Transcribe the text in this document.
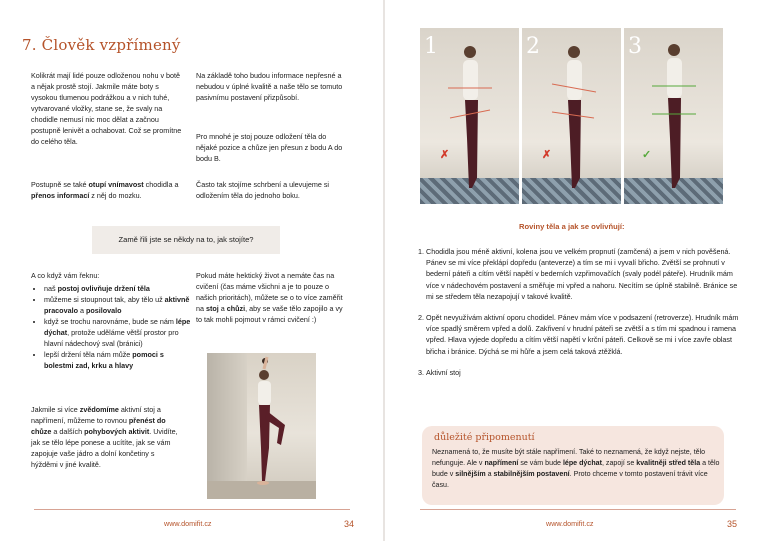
7. Člověk vzpřímený

Kolikrát mají lidé pouze odloženou nohu v botě a nějak prostě stojí. Jakmile máte boty s vysokou tlumenou podrážkou a v nich tuhé, vytvarované vložky, stane se, že svaly na chodidle nemusí nic moc dělat a začnou postupně lenivět a ochabovat. Což se promítne do celého těla.

Postupně se také otupí vnímavost chodidla a přenos informací z něj do mozku.

Na základě toho budou informace nepřesné a nebudou v úplné kvalitě a naše tělo se tomuto pasivnímu postavení přizpůsobí.

Pro mnohé je stoj pouze odložení těla do nějaké pozice a chůze jen přesun z bodu A do bodu B.

Často tak stojíme schrbení a ulevujeme si odložením těla do jednoho boku.

Zamě řili jste se někdy na to, jak stojíte?

A co když vám řeknu:

• naš postoj ovlivňuje držení těla
• můžeme si stoupnout tak, aby tělo už aktivně pracovalo a posilovalo
• když se trochu narovnáme, bude se nám lépe dýchat, protože uděláme větší prostor pro hlavní nádechový sval (bránici)
• lepší držení těla nám může pomoci s bolestmi zad, krku a hlavy

Pokud máte hektický život a nemáte čas na cvičení (čas máme všichni a je to pouze o našich prioritách), můžete se o to více zaměřit na stoj a chůzi, aby se vaše tělo zapojilo a vy to tak mohli pojmout v rámci cvičení :)

Jakmile si více zvědomíme aktivní stoj a napřímení, můžeme to rovnou přenést do chůze a dalších pohybových aktivit. Uvidíte, jak se tělo lépe ponese a ucítíte, jak se vám zapojuje vaše jádro a dolní končetiny s hýžděmi v jiné kvalitě.

www.domifit.cz	34
1
✗
2
✗
3
✓
Roviny těla a jak se ovlivňují:
1. Chodidla jsou méně aktivní, kolena jsou ve velkém propnutí (zamčená) a jsem v nich pověšená. Pánev se mi více překlápí dopředu (anteverze) a tím se mi i vyvalí břicho. Zvětší se prohnutí v bederní páteři a cítím větší napětí v bederních vzpřimovačích (svaly podél páteře). Hrudník mám více v nádechovém postavení a směřuje mi vpřed a nahoru. Necítím se úplně stabilně. Bránice se mi se středem těla nezapojují v takové kvalitě.
2. Opět nevyužívám aktivní oporu chodidel. Pánev mám více v podsazení (retroverze). Hrudník mám více spadlý směrem vpřed a dolů. Zakřivení v hrudní páteři se zvětší a s tím mi spadnou i ramena vpřed. Hlava vyjede dopředu a cítím větší napětí v krční páteři. Celkově se mi i více zavře oblast břicha i bránice. Dýchá se mi hůře a jsem celá taková ztěžklá.
3. Aktivní stoj
důležité připomenutí

Neznamená to, že musíte být stále napřímení. Také to neznamená, že když nejste, tělo nefunguje. Ale v napřímení se vám bude lépe dýchat, zapojí se kvalitněji střed těla a tělo bude v silnějším a stabilnějším postavení. Proto chceme v tomto postavení trávit více času.

www.domifit.cz	35
